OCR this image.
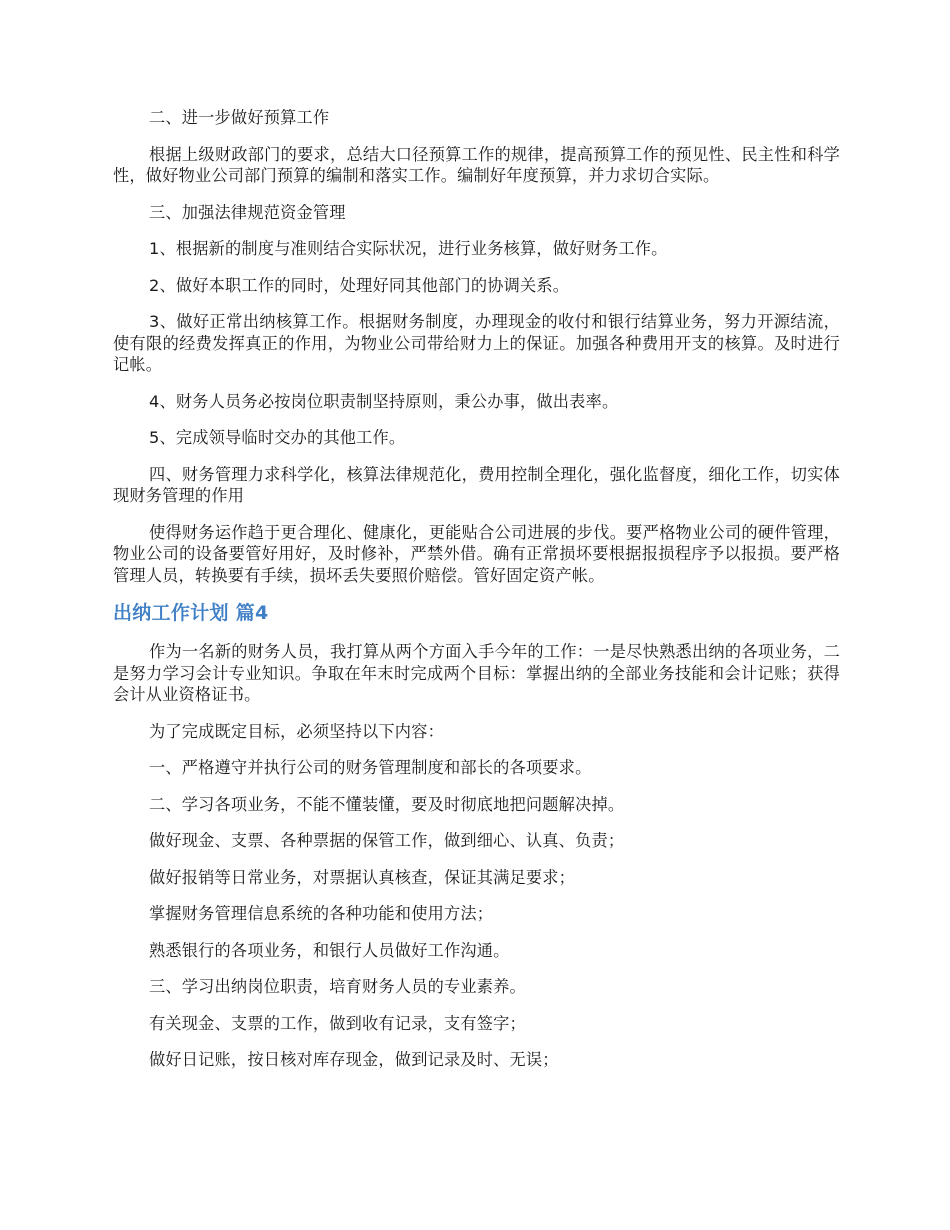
二、进一步做好预算工作

根据上级财政部门的要求，总结大口径预算工作的规律，提高预算工作的预见性、民主性和科学性，做好物业公司部门预算的编制和落实工作。编制好年度预算，并力求切合实际。

三、加强法律规范资金管理

1、根据新的制度与准则结合实际状况，进行业务核算，做好财务工作。

2、做好本职工作的同时，处理好同其他部门的协调关系。

3、做好正常出纳核算工作。根据财务制度，办理现金的收付和银行结算业务，努力开源结流，使有限的经费发挥真正的作用，为物业公司带给财力上的保证。加强各种费用开支的核算。及时进行记帐。

4、财务人员务必按岗位职责制坚持原则，秉公办事，做出表率。

5、完成领导临时交办的其他工作。

四、财务管理力求科学化，核算法律规范化，费用控制全理化，强化监督度，细化工作，切实体现财务管理的作用

使得财务运作趋于更合理化、健康化，更能贴合公司进展的步伐。要严格物业公司的硬件管理，物业公司的设备要管好用好，及时修补，严禁外借。确有正常损坏要根据报损程序予以报损。要严格管理人员，转换要有手续，损坏丢失要照价赔偿。管好固定资产帐。

出纳工作计划 篇4

作为一名新的财务人员，我打算从两个方面入手今年的工作：一是尽快熟悉出纳的各项业务，二是努力学习会计专业知识。争取在年末时完成两个目标：掌握出纳的全部业务技能和会计记账；获得会计从业资格证书。

为了完成既定目标，必须坚持以下内容：

一、严格遵守并执行公司的财务管理制度和部长的各项要求。

二、学习各项业务，不能不懂装懂，要及时彻底地把问题解决掉。

做好现金、支票、各种票据的保管工作，做到细心、认真、负责；

做好报销等日常业务，对票据认真核查，保证其满足要求；

掌握财务管理信息系统的各种功能和使用方法；

熟悉银行的各项业务，和银行人员做好工作沟通。

三、学习出纳岗位职责，培育财务人员的专业素养。

有关现金、支票的工作，做到收有记录，支有签字；

做好日记账，按日核对库存现金，做到记录及时、无误；
